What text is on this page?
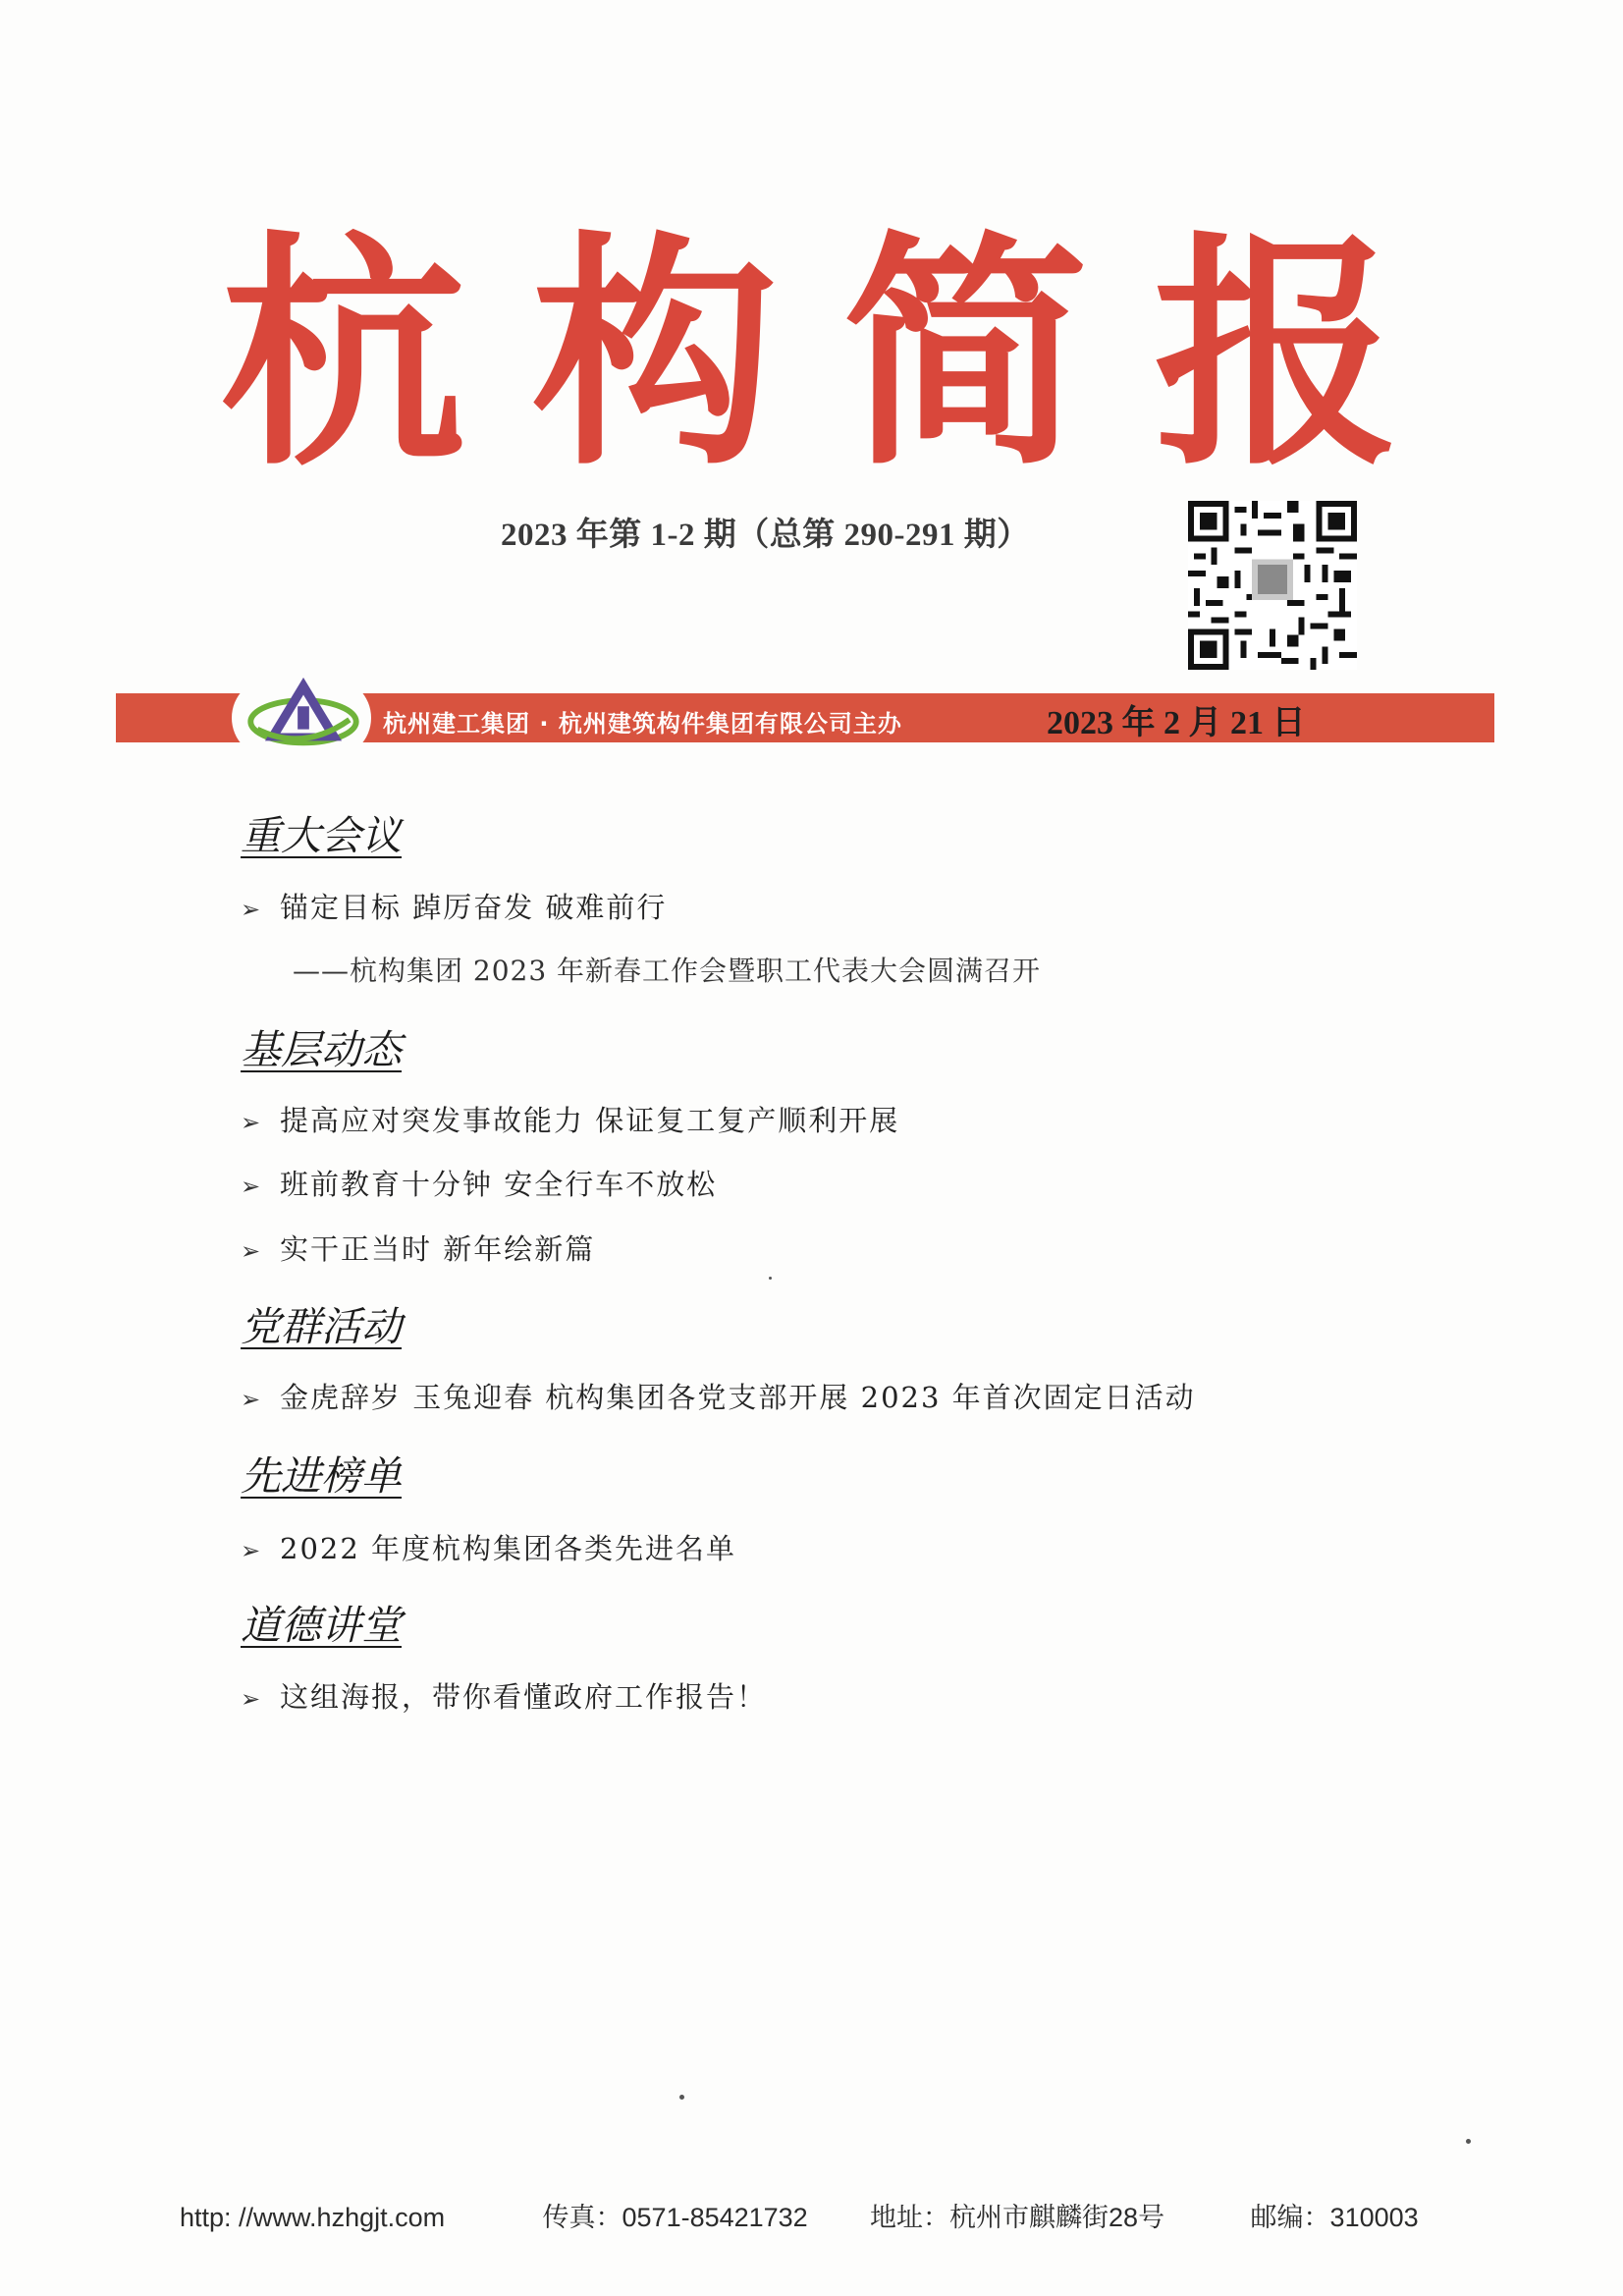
杭 构 简 报
2023 年第 1-2 期（总第 290-291 期）
杭州建工集团 · 杭州建筑构件集团有限公司主办	2023 年 2 月 21 日
重大会议
➢ 锚定目标 踔厉奋发 破难前行
——杭构集团 2023 年新春工作会暨职工代表大会圆满召开
基层动态
➢ 提高应对突发事故能力 保证复工复产顺利开展
➢ 班前教育十分钟 安全行车不放松
➢ 实干正当时 新年绘新篇
党群活动
➢ 金虎辞岁 玉兔迎春 杭构集团各党支部开展 2023 年首次固定日活动
先进榜单
➢ 2022 年度杭构集团各类先进名单
道德讲堂
➢ 这组海报，带你看懂政府工作报告！
http: //www.hzhgjt.com	传真：0571-85421732 地址：杭州市麒麟街28号	邮编：310003
